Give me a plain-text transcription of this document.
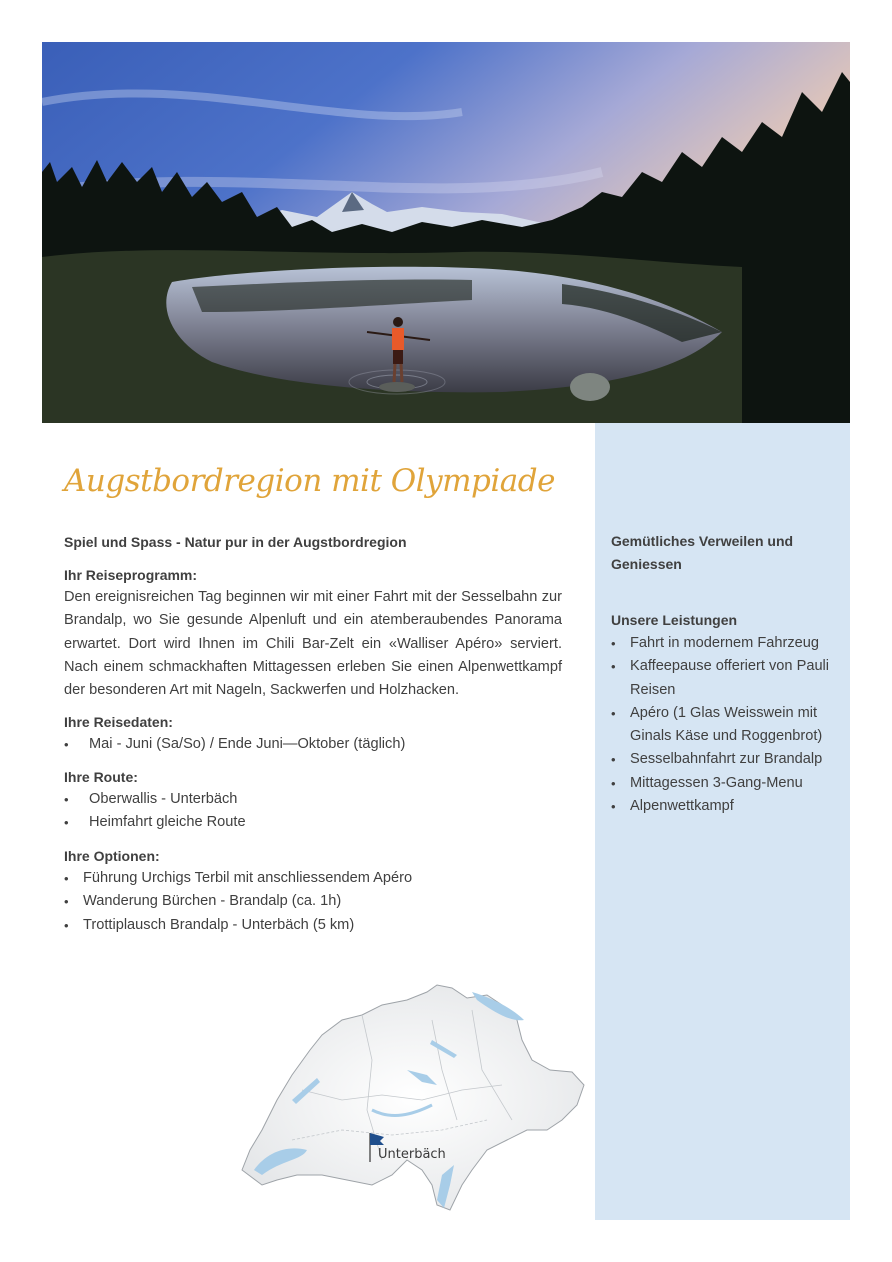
Augstbordregion mit Olympiade
Spiel und Spass - Natur pur in der Augstbordregion
Ihr Reiseprogramm:
Den ereignisreichen Tag beginnen wir mit einer Fahrt mit der Sesselbahn zur Brandalp, wo Sie gesunde Alpenluft und ein atemberaubendes Panorama erwartet. Dort wird Ihnen im Chili Bar-Zelt ein «Walliser Apéro» serviert. Nach einem schmackhaften Mittagessen erleben Sie einen Alpenwettkampf der besonderen Art mit Nageln, Sackwerfen und Holzhacken.
Ihre Reisedaten:
• Mai - Juni (Sa/So) / Ende Juni—Oktober (täglich)
Ihre Route:
• Oberwallis - Unterbäch
• Heimfahrt gleiche Route
Ihre Optionen:
• Führung Urchigs Terbil mit anschliessendem Apéro
• Wanderung Bürchen - Brandalp (ca. 1h)
• Trottiplausch Brandalp - Unterbäch (5 km)
Gemütliches Verweilen und Geniessen
Unsere Leistungen
• Fahrt in modernem Fahrzeug
• Kaffeepause offeriert von Pauli Reisen
• Apéro (1 Glas Weisswein mit Ginals Käse und Roggenbrot)
• Sesselbahnfahrt zur Brandalp
• Mittagessen 3-Gang-Menu
• Alpenwettkampf
Unterbäch
